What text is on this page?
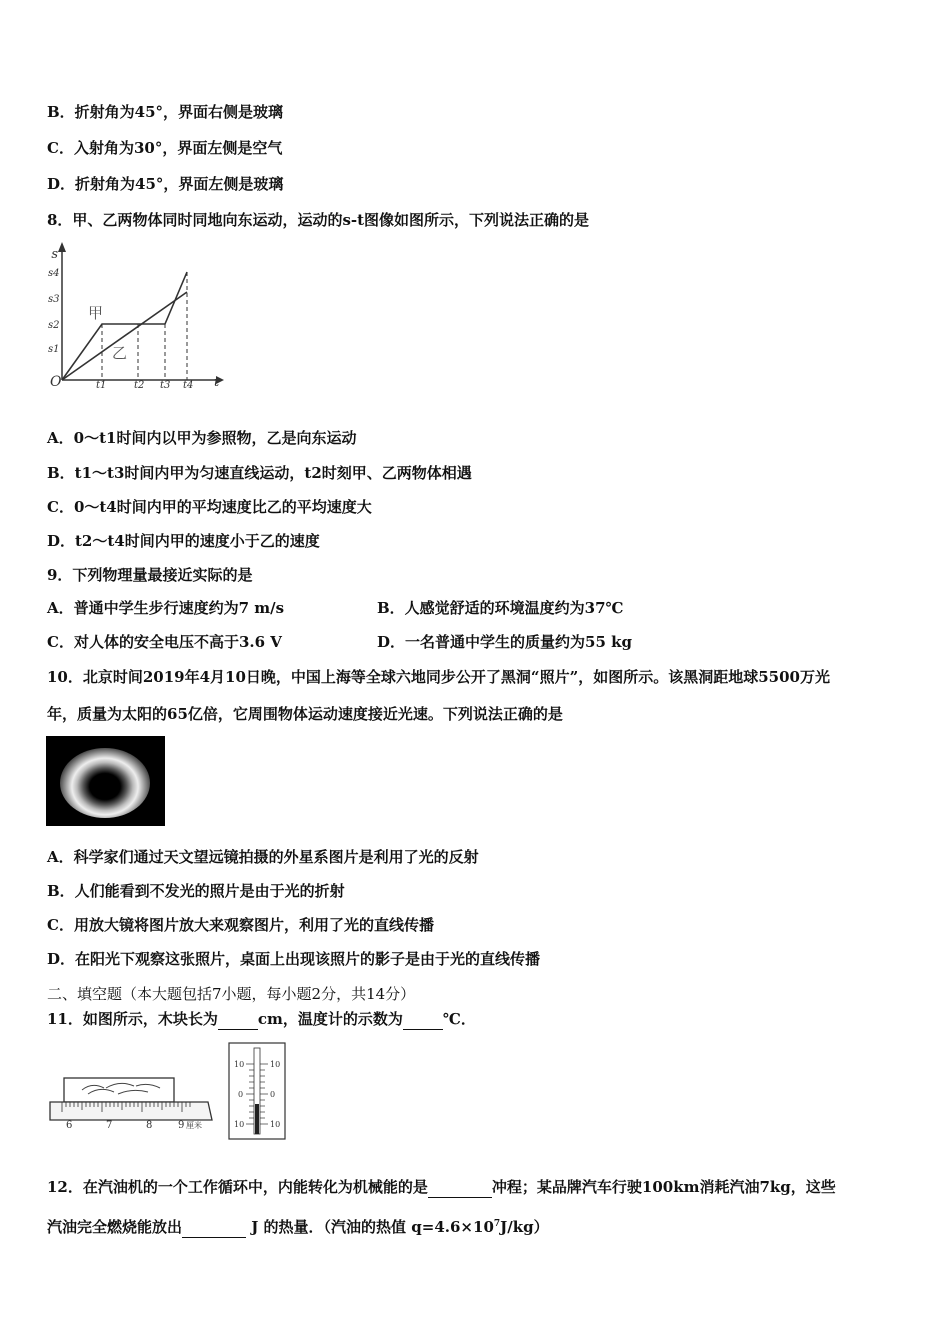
B．折射角为45°，界面右侧是玻璃
C．入射角为30°，界面左侧是空气
D．折射角为45°，界面左侧是玻璃
8．甲、乙两物体同时同地向东运动，运动的s-t图像如图所示，下列说法正确的是
s
t
O
s4
s3
s2
s1
t1	t2 t3 t4
甲
乙
A．0～t1时间内以甲为参照物，乙是向东运动
B．t1～t3时间内甲为匀速直线运动，t2时刻甲、乙两物体相遇
C．0～t4时间内甲的平均速度比乙的平均速度大
D．t2～t4时间内甲的速度小于乙的速度
9．下列物理量最接近实际的是
A．普通中学生步行速度约为7 m/s	B．人感觉舒适的环境温度约为37℃
C．对人体的安全电压不高于3.6 V	D．一名普通中学生的质量约为55 kg
10．北京时间2019年4月10日晚，中国上海等全球六地同步公开了黑洞“照片”，如图所示。该黑洞距地球5500万光
年，质量为太阳的65亿倍，它周围物体运动速度接近光速。下列说法正确的是
A．科学家们通过天文望远镜拍摄的外星系图片是利用了光的反射
B．人们能看到不发光的照片是由于光的折射
C．用放大镜将图片放大来观察图片，利用了光的直线传播
D．在阳光下观察这张照片，桌面上出现该照片的影子是由于光的直线传播
二、填空题（本大题包括7小题，每小题2分，共14分）
11．如图所示，木块长为	cm，温度计的示数为	℃．
6	7	8	9 厘米
10	10
0	0
10	10
12．在汽油机的一个工作循环中，内能转化为机械能的是	冲程；某品牌汽车行驶100km消耗汽油7kg，这些
汽油完全燃烧能放出	J 的热量．（汽油的热值 $q=4.6\times 10^7J/kg$）
